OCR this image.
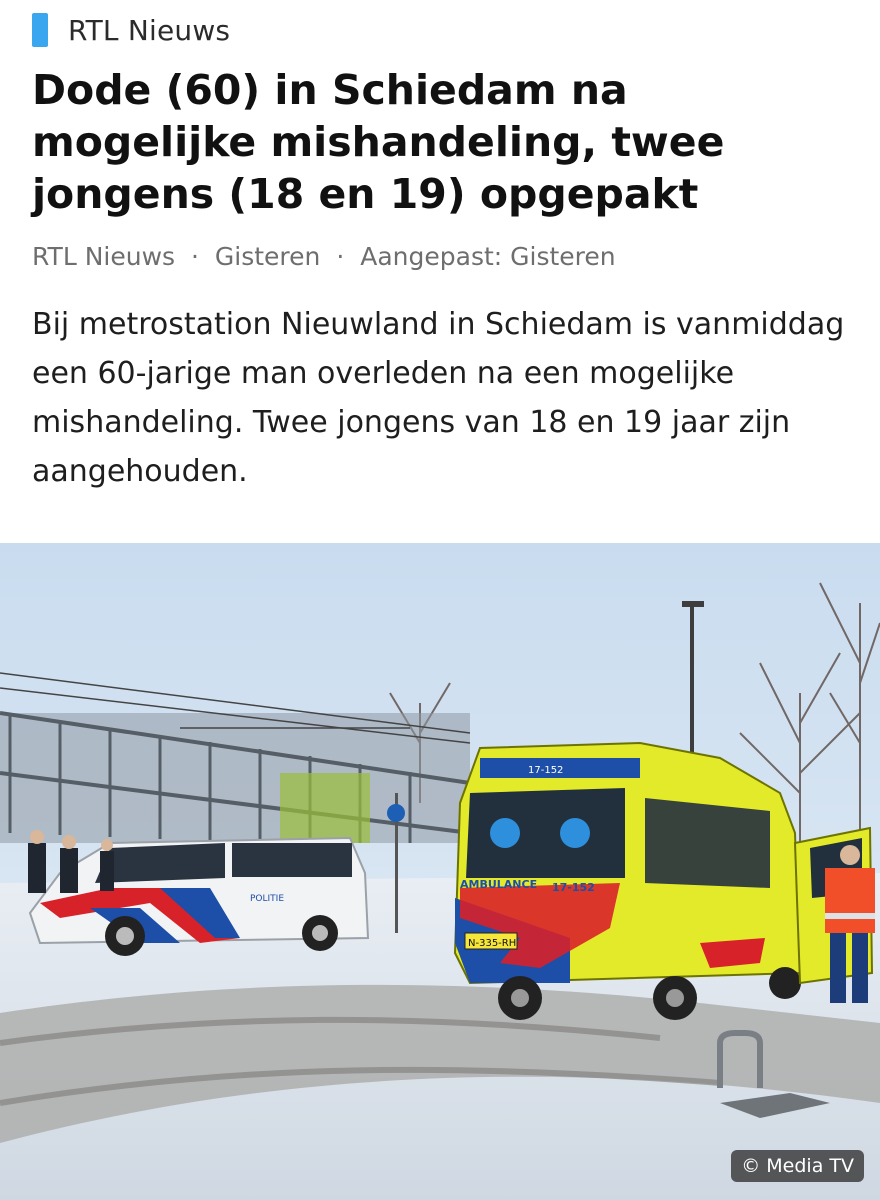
RTL Nieuws
Dode (60) in Schiedam na mogelijke mishandeling, twee jongens (18 en 19) opgepakt
RTL Nieuws · Gisteren · Aangepast: Gisteren
Bij metrostation Nieuwland in Schiedam is vanmiddag een 60-jarige man overleden na een mogelijke mishandeling. Twee jongens van 18 en 19 jaar zijn aangehouden.
POLITIE
N-335-RH
AMBULANCE 17-152
17-152
© Media TV
